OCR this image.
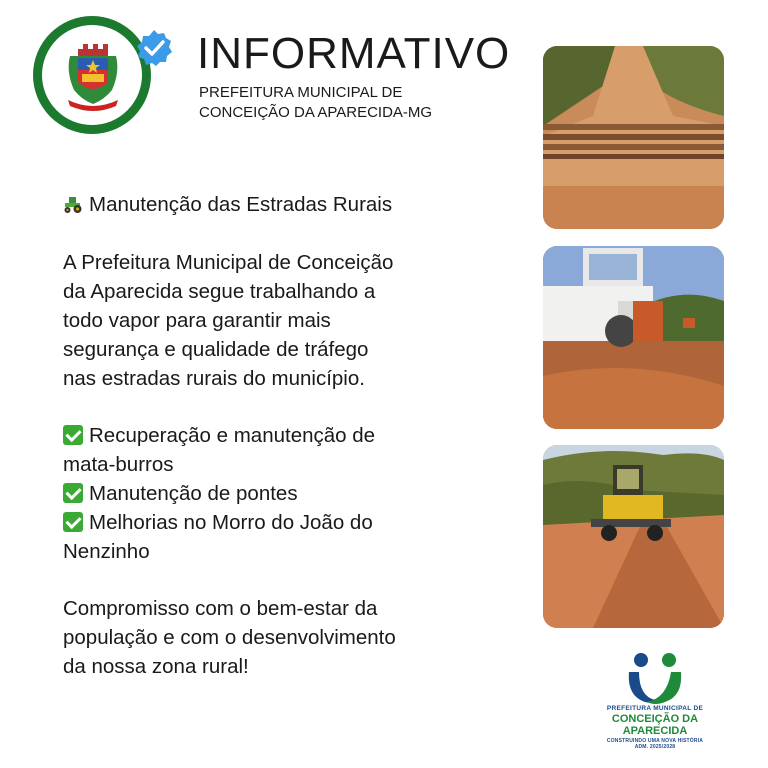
INFORMATIVO
PREFEITURA MUNICIPAL DE
CONCEIÇÃO DA APARECIDA-MG
Manutenção das Estradas Rurais
A Prefeitura Municipal de Conceição
da Aparecida segue trabalhando a
todo vapor para garantir mais
segurança e qualidade de tráfego
nas estradas rurais do município.
Recuperação e manutenção de
mata-burros
Manutenção de pontes
Melhorias no Morro do João do
Nenzinho
Compromisso com o bem-estar da
população e com o desenvolvimento
da nossa zona rural!
PREFEITURA MUNICIPAL DE
CONCEIÇÃO DA
APARECIDA
CONSTRUINDO UMA NOVA HISTÓRIA
ADM. 2025/2028
